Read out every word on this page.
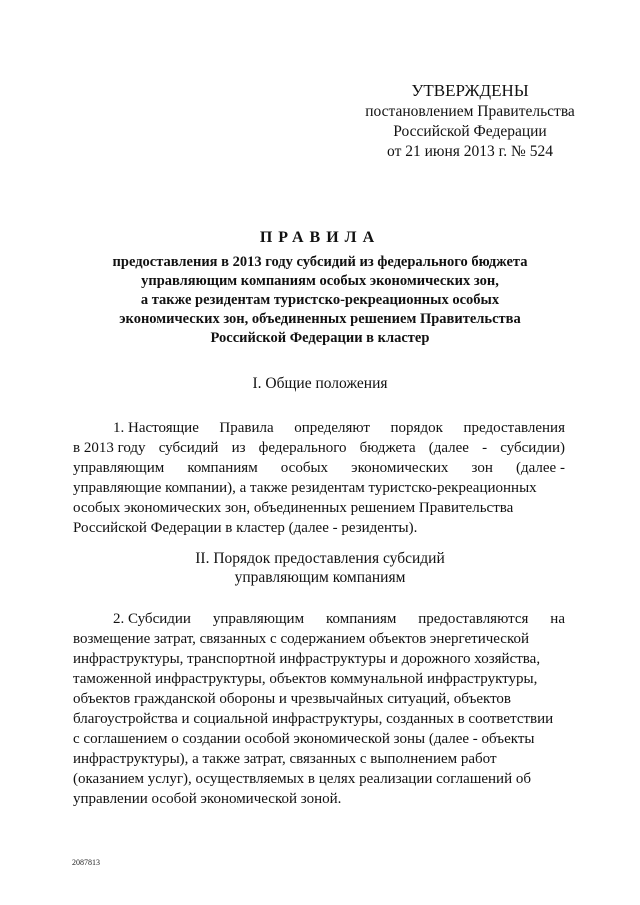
УТВЕРЖДЕНЫ
постановлением Правительства
Российской Федерации
от 21 июня 2013 г. № 524
ПРАВИЛА
предоставления в 2013 году субсидий из федерального бюджета
управляющим компаниям особых экономических зон,
а также резидентам туристско-рекреационных особых
экономических зон, объединенных решением Правительства
Российской Федерации в кластер
I. Общие положения
1. Настоящие Правила определяют порядок предоставления
в 2013 году субсидий из федерального бюджета (далее - субсидии)
управляющим компаниям особых экономических зон (далее -
управляющие компании), а также резидентам туристско-рекреационных
особых экономических зон, объединенных решением Правительства
Российской Федерации в кластер (далее - резиденты).
II. Порядок предоставления субсидий
управляющим компаниям
2. Субсидии управляющим компаниям предоставляются на
возмещение затрат, связанных с содержанием объектов энергетической
инфраструктуры, транспортной инфраструктуры и дорожного хозяйства,
таможенной инфраструктуры, объектов коммунальной инфраструктуры,
объектов гражданской обороны и чрезвычайных ситуаций, объектов
благоустройства и социальной инфраструктуры, созданных в соответствии
с соглашением о создании особой экономической зоны (далее - объекты
инфраструктуры), а также затрат, связанных с выполнением работ
(оказанием услуг), осуществляемых в целях реализации соглашений об
управлении особой экономической зоной.
2087813
